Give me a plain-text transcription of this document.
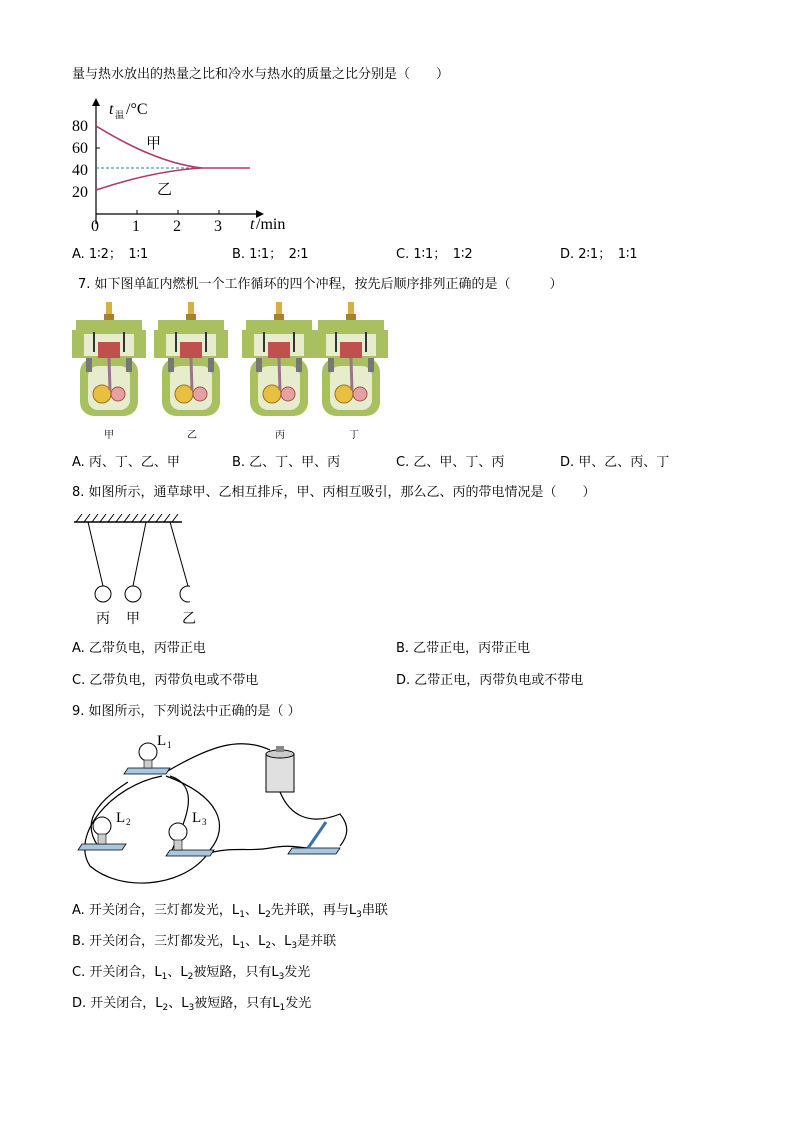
量与热水放出的热量之比和冷水与热水的质量之比分别是（　　）
t 温 /°C
80
60
40
20
0 1 2 3 t /min
甲
乙
A. 1∶2；　1∶1	B. 1∶1；　2∶1	C. 1∶1；　1∶2	D. 2∶1；　1∶1
7. 如下图单缸内燃机一个工作循环的四个冲程，按先后顺序排列正确的是（　　　）
甲	乙	丙	丁
A. 丙、丁、乙、甲	B. 乙、丁、甲、丙	C. 乙、甲、丁、丙	D. 甲、乙、丙、丁
8. 如图所示，通草球甲、乙相互排斥，甲、丙相互吸引，那么乙、丙的带电情况是（　　）
丙 甲	乙
A. 乙带负电，丙带正电	B. 乙带正电，丙带正电
C. 乙带负电，丙带负电或不带电	D. 乙带正电，丙带负电或不带电
9. 如图所示，下列说法中正确的是（ ）
L 1
L 2	L 3
A. 开关闭合，三灯都发光，$L_1$、$L_2$先并联，再与$L_3$串联
B. 开关闭合，三灯都发光，$L_1$、$L_2$、$L_3$是并联
C. 开关闭合，$L_1$、$L_2$被短路，只有$L_3$发光
D. 开关闭合，$L_2$、$L_3$被短路，只有$L_1$发光
